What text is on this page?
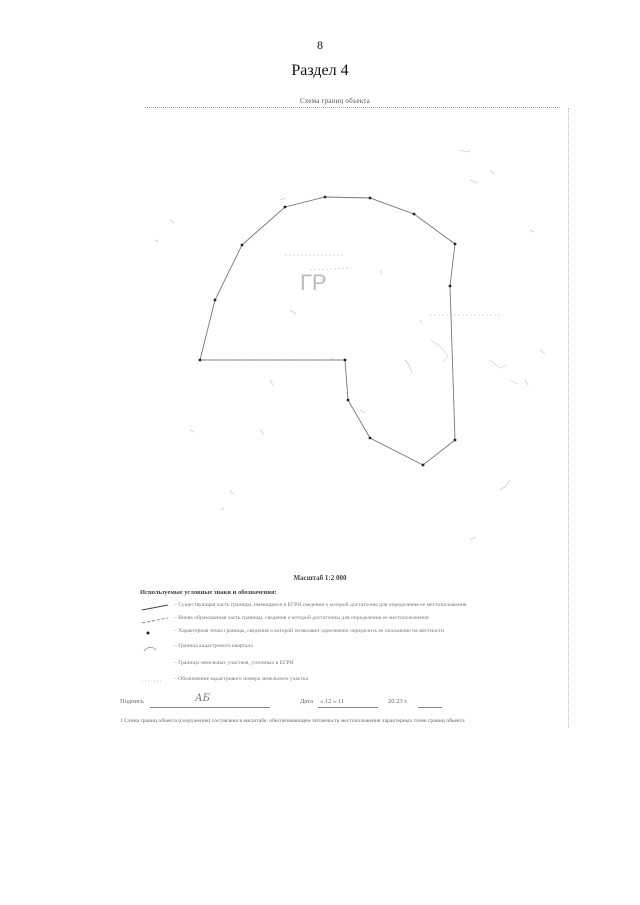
8
Раздел 4
Схема границ объекта
ГР
Масштаб 1:2 000
Используемые условные знаки и обозначения:
– Существующая часть границы, имеющиеся в ЕГРН сведения о которой достаточны для определения ее местоположения
– Вновь образованная часть границы, сведения о которой достаточны для определения ее местоположения
– Характерная точка границы, сведения о которой позволяют однозначно определить ее положение на местности
– Граница кадастрового квартала
– Границы земельных участков, учтенных в ЕГРН
– Обозначение кадастрового номера земельного участка
Подпись	АБ	Дата « 12 » 11	20 23 г.
1 Схема границ объекта (сооружения) составлена в масштабе, обеспечивающем читаемость местоположения характерных точек границ объекта
